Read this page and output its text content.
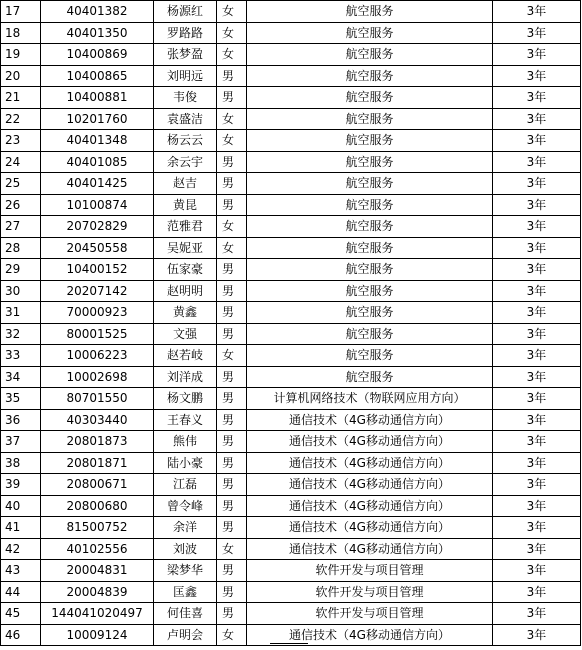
17	40401382	杨源红	女	航空服务	3年
18	40401350	罗路路	女	航空服务	3年
19	10400869	张梦盈	女	航空服务	3年
20	10400865	刘明远	男	航空服务	3年
21	10400881	韦俊	男	航空服务	3年
22	10201760	袁盛洁	女	航空服务	3年
23	40401348	杨云云	女	航空服务	3年
24	40401085	余云宇	男	航空服务	3年
25	40401425	赵吉	男	航空服务	3年
26	10100874	黄昆	男	航空服务	3年
27	20702829	范雅君	女	航空服务	3年
28	20450558	吴妮亚	女	航空服务	3年
29	10400152	伍家豪	男	航空服务	3年
30	20207142	赵明明	男	航空服务	3年
31	70000923	黄鑫	男	航空服务	3年
32	80001525	文强	男	航空服务	3年
33	10006223	赵若岐	女	航空服务	3年
34	10002698	刘洋成	男	航空服务	3年
35	80701550	杨文鹏	男	计算机网络技术（物联网应用方向）	3年
36	40303440	王春义	男	通信技术（4G移动通信方向）	3年
37	20801873	熊伟	男	通信技术（4G移动通信方向）	3年
38	20801871	陆小豪	男	通信技术（4G移动通信方向）	3年
39	20800671	江磊	男	通信技术（4G移动通信方向）	3年
40	20800680	曾令峰	男	通信技术（4G移动通信方向）	3年
41	81500752	余洋	男	通信技术（4G移动通信方向）	3年
42	40102556	刘波	女	通信技术（4G移动通信方向）	3年
43	20004831	梁梦华	男	软件开发与项目管理	3年
44	20004839	匡鑫	男	软件开发与项目管理	3年
45	144041020497	何佳喜	男	软件开发与项目管理	3年
46	10009124	卢明会	女	通信技术（4G移动通信方向）	3年
